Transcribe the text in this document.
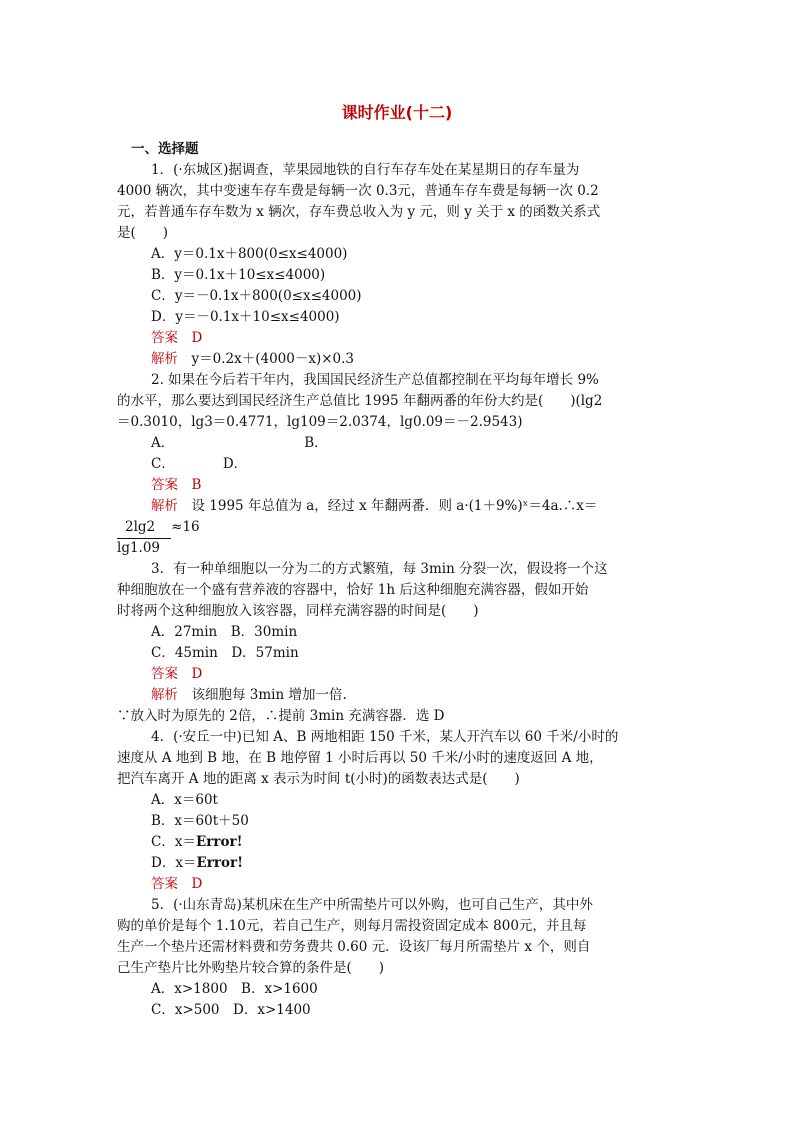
课时作业(十二)
一、选择题
1．(·东城区)据调查，苹果园地铁的自行车存车处在某星期日的存车量为
4000 辆次，其中变速车存车费是每辆一次 0.3元，普通车存车费是每辆一次 0.2
元，若普通车存车数为 x 辆次，存车费总收入为 y 元，则 y 关于 x 的函数关系式
是(　　)
A．y＝0.1x＋800(0≤x≤4000)
B．y＝0.1x＋10≤x≤4000)
C．y＝－0.1x＋800(0≤x≤4000)
D．y＝－0.1x＋10≤x≤4000)
答案　 D
解析　 y＝0.2x＋(4000－x)×0.3
2. 如果在今后若干年内，我国国民经济生产总值都控制在平均每年增长 9%
的水平，那么要达到国民经济生产总值比 1995 年翻两番的年份大约是(　　)(lg2
＝0.3010，lg3＝0.4771，lg109＝2.0374，lg0.09＝－2.9543)
A．	B．
C．	D．
答案　 B
解析　 设 1995 年总值为 a，经过 x 年翻两番．则 a·(1＋9%)ˣ＝4a.∴x＝
2lg2 ≈16
lg1.09
3．有一种单细胞以一分为二的方式繁殖，每 3min 分裂一次，假设将一个这
种细胞放在一个盛有营养液的容器中，恰好 1h 后这种细胞充满容器，假如开始
时将两个这种细胞放入该容器，同样充满容器的时间是(　　)
A．27min　B．30min
C．45min　D．57min
答案　 D
解析　 该细胞每 3min 增加一倍.
∵放入时为原先的 2倍，∴提前 3min 充满容器．选 D
4．(·安丘一中)已知 A、B 两地相距 150 千米，某人开汽车以 60 千米/小时的
速度从 A 地到 B 地，在 B 地停留 1 小时后再以 50 千米/小时的速度返回 A 地，
把汽车离开 A 地的距离 x 表示为时间 t(小时)的函数表达式是(　　)
A．x＝60t
B．x＝60t＋50
C．x＝Error!
D．x＝Error!
答案　 D
5．(·山东青岛)某机床在生产中所需垫片可以外购，也可自己生产，其中外
购的单价是每个 1.10元，若自己生产，则每月需投资固定成本 800元，并且每
生产一个垫片还需材料费和劳务费共 0.60 元．设该厂每月所需垫片 x 个，则自
己生产垫片比外购垫片较合算的条件是(　　)
A．x>1800　B．x>1600
C．x>500　D．x>1400
